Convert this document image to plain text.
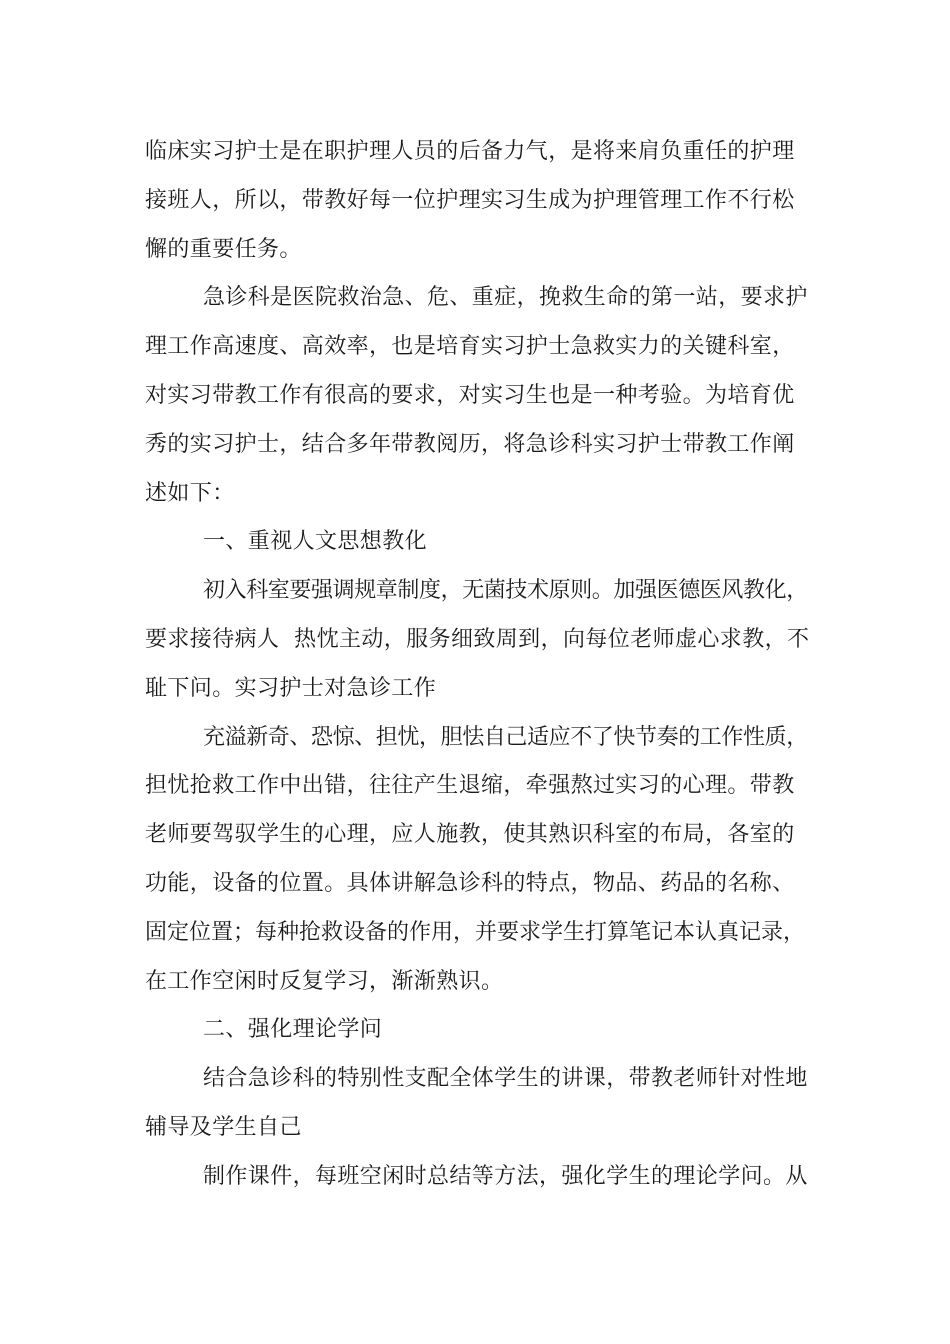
临床实习护士是在职护理人员的后备力气，是将来肩负重任的护理
接班人，所以，带教好每一位护理实习生成为护理管理工作不行松
懈的重要任务。
急诊科是医院救治急、危、重症，挽救生命的第一站，要求护
理工作高速度、高效率，也是培育实习护士急救实力的关键科室，
对实习带教工作有很高的要求，对实习生也是一种考验。为培育优
秀的实习护士，结合多年带教阅历，将急诊科实习护士带教工作阐
述如下：
一、重视人文思想教化
初入科室要强调规章制度，无菌技术原则。加强医德医风教化，
要求接待病人  热忱主动，服务细致周到，向每位老师虚心求教，不
耻下问。实习护士对急诊工作
充溢新奇、恐惊、担忧，胆怯自己适应不了快节奏的工作性质，
担忧抢救工作中出错，往往产生退缩，牵强熬过实习的心理。带教
老师要驾驭学生的心理，应人施教，使其熟识科室的布局，各室的
功能，设备的位置。具体讲解急诊科的特点，物品、药品的名称、
固定位置；每种抢救设备的作用，并要求学生打算笔记本认真记录，
在工作空闲时反复学习，渐渐熟识。
二、强化理论学问
结合急诊科的特别性支配全体学生的讲课，带教老师针对性地
辅导及学生自己
制作课件，每班空闲时总结等方法，强化学生的理论学问。从
